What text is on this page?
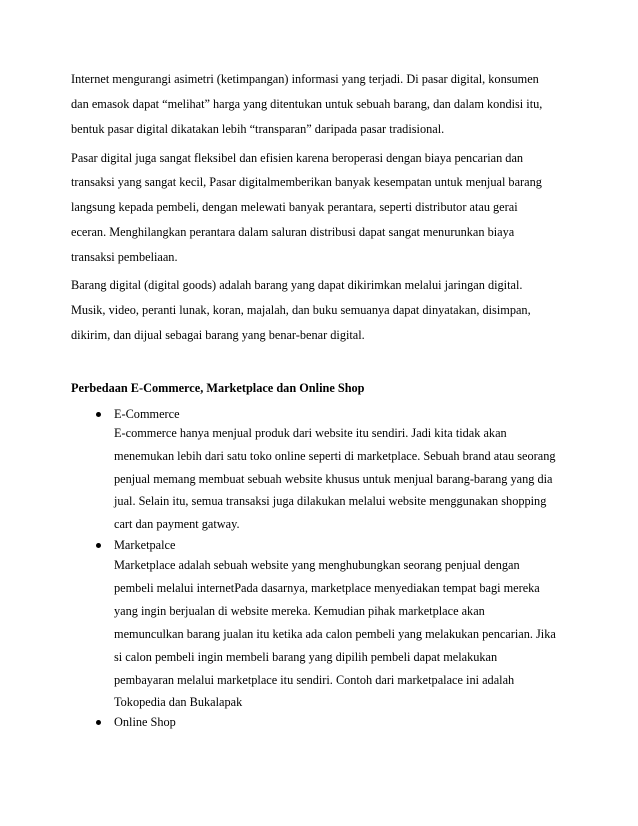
Internet mengurangi asimetri (ketimpangan) informasi yang terjadi. Di pasar digital, konsumen
dan emasok dapat “melihat” harga yang ditentukan untuk sebuah barang, dan dalam kondisi itu,
bentuk pasar digital dikatakan lebih “transparan” daripada pasar tradisional.
Pasar digital juga sangat fleksibel dan efisien karena beroperasi dengan biaya pencarian dan
transaksi yang sangat kecil, Pasar digitalmemberikan banyak kesempatan untuk menjual barang
langsung kepada pembeli, dengan melewati banyak perantara, seperti distributor atau gerai
eceran. Menghilangkan perantara dalam saluran distribusi dapat sangat menurunkan biaya
transaksi pembeliaan.
Barang digital (digital goods) adalah barang yang dapat dikirimkan melalui jaringan digital.
Musik, video, peranti lunak, koran, majalah, dan buku semuanya dapat dinyatakan, disimpan,
dikirim, dan dijual sebagai barang yang benar-benar digital.
Perbedaan E-Commerce, Marketplace dan Online Shop
E-Commerce
E-commerce hanya menjual produk dari website itu sendiri. Jadi kita tidak akan
menemukan lebih dari satu toko online seperti di marketplace. Sebuah brand atau seorang
penjual memang membuat sebuah website khusus untuk menjual barang-barang yang dia
jual. Selain itu, semua transaksi juga dilakukan melalui website menggunakan shopping
cart dan payment gatway.
Marketpalce
Marketplace adalah sebuah website yang menghubungkan seorang penjual dengan
pembeli melalui internetPada dasarnya, marketplace menyediakan tempat bagi mereka
yang ingin berjualan di website mereka. Kemudian pihak marketplace akan
memunculkan barang jualan itu ketika ada calon pembeli yang melakukan pencarian. Jika
si calon pembeli ingin membeli barang yang dipilih pembeli dapat melakukan
pembayaran melalui marketplace itu sendiri. Contoh dari marketpalace ini adalah
Tokopedia dan Bukalapak
Online Shop
